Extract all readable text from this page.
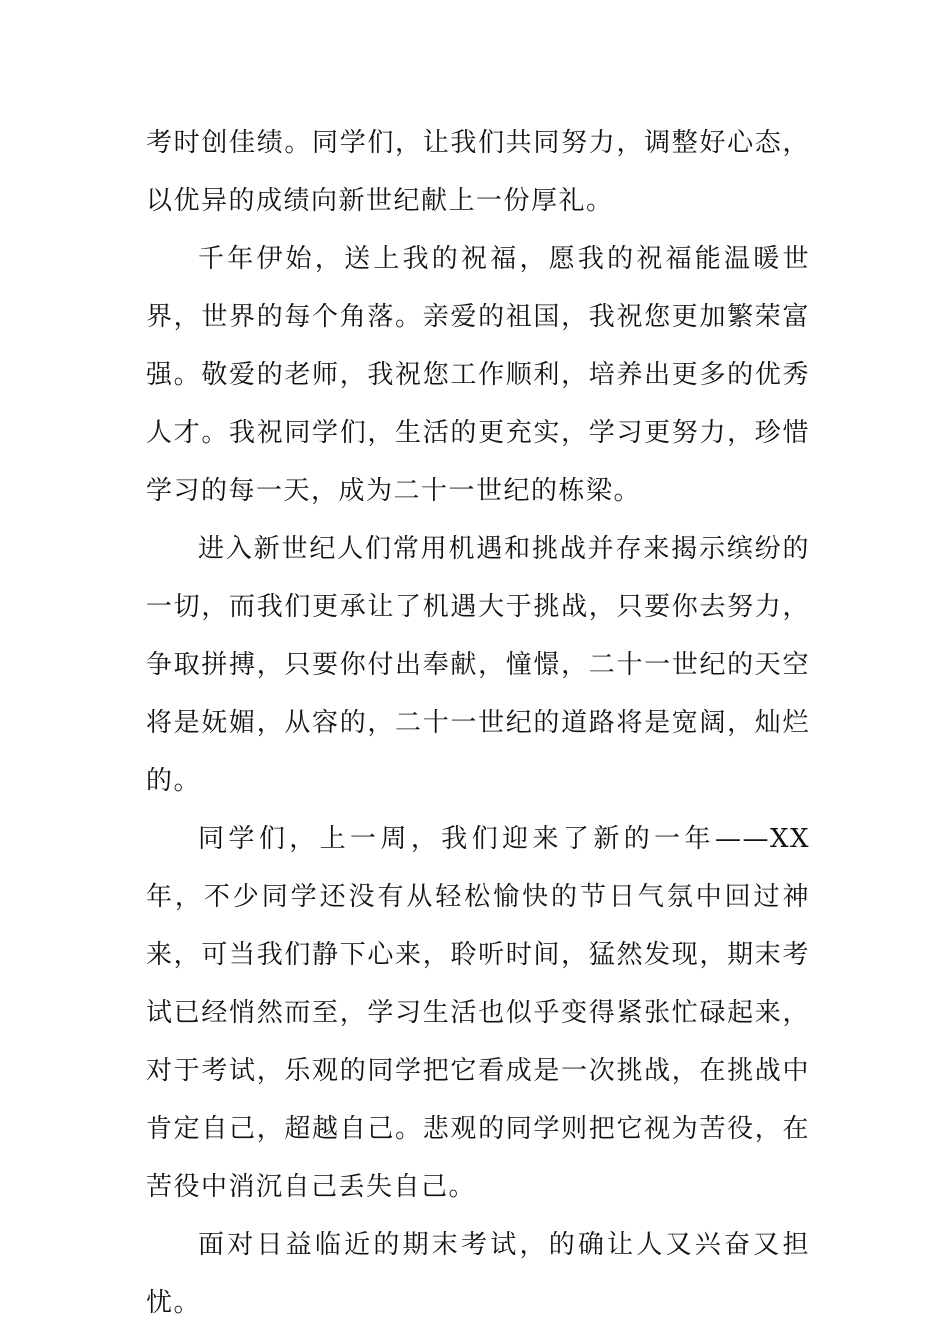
考时创佳绩。同学们，让我们共同努力，调整好心态，以优异的成绩向新世纪献上一份厚礼。

千年伊始，送上我的祝福，愿我的祝福能温暖世界，世界的每个角落。亲爱的祖国，我祝您更加繁荣富强。敬爱的老师，我祝您工作顺利，培养出更多的优秀人才。我祝同学们，生活的更充实，学习更努力，珍惜学习的每一天，成为二十一世纪的栋梁。

进入新世纪人们常用机遇和挑战并存来揭示缤纷的一切，而我们更承让了机遇大于挑战，只要你去努力，争取拼搏，只要你付出奉献，憧憬，二十一世纪的天空将是妩媚，从容的，二十一世纪的道路将是宽阔，灿烂的。

同学们，上一周，我们迎来了新的一年——XX年，不少同学还没有从轻松愉快的节日气氛中回过神来，可当我们静下心来，聆听时间，猛然发现，期末考试已经悄然而至，学习生活也似乎变得紧张忙碌起来，对于考试，乐观的同学把它看成是一次挑战，在挑战中肯定自己，超越自己。悲观的同学则把它视为苦役，在苦役中消沉自己丢失自己。

面对日益临近的期末考试，的确让人又兴奋又担忧。
